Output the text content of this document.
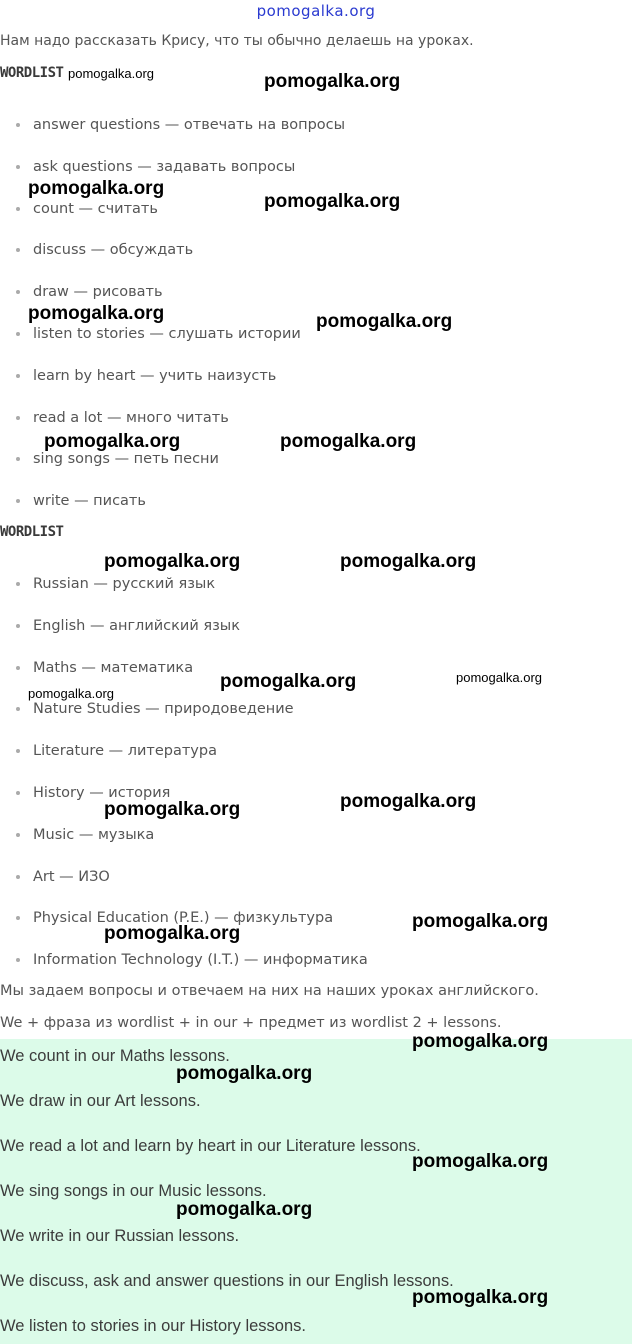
pomogalka.org
Нам надо рассказать Крису, что ты обычно делаешь на уроках.
WORDLIST
answer questions — отвечать на вопросы
ask questions — задавать вопросы
count — считать
discuss — обсуждать
draw — рисовать
listen to stories — слушать истории
learn by heart — учить наизусть
read a lot — много читать
sing songs — петь песни
write — писать
WORDLIST
Russian — русский язык
English — английский язык
Maths — математика
Nature Studies — природоведение
Literature — литература
History — история
Music — музыка
Art — ИЗО
Physical Education (P.E.) — физкультура
Information Technology (I.T.) — информатика
Мы задаем вопросы и отвечаем на них на наших уроках английского.
We + фраза из wordlist + in our + предмет из wordlist 2 + lessons.
We count in our Maths lessons.
We draw in our Art lessons.
We read a lot and learn by heart in our Literature lessons.
We sing songs in our Music lessons.
We write in our Russian lessons.
We discuss, ask and answer questions in our English lessons.
We listen to stories in our History lessons.
pomogalka.org	pomogalka.org
pomogalka.org
pomogalka.org
pomogalka.org	pomogalka.org
pomogalka.org	pomogalka.org
pomogalka.org	pomogalka.org
pomogalka.org	pomogalka.org
pomogalka.org
pomogalka.org	pomogalka.org
pomogalka.org
pomogalka.org
pomogalka.org
pomogalka.org
pomogalka.org
pomogalka.org
pomogalka.org
